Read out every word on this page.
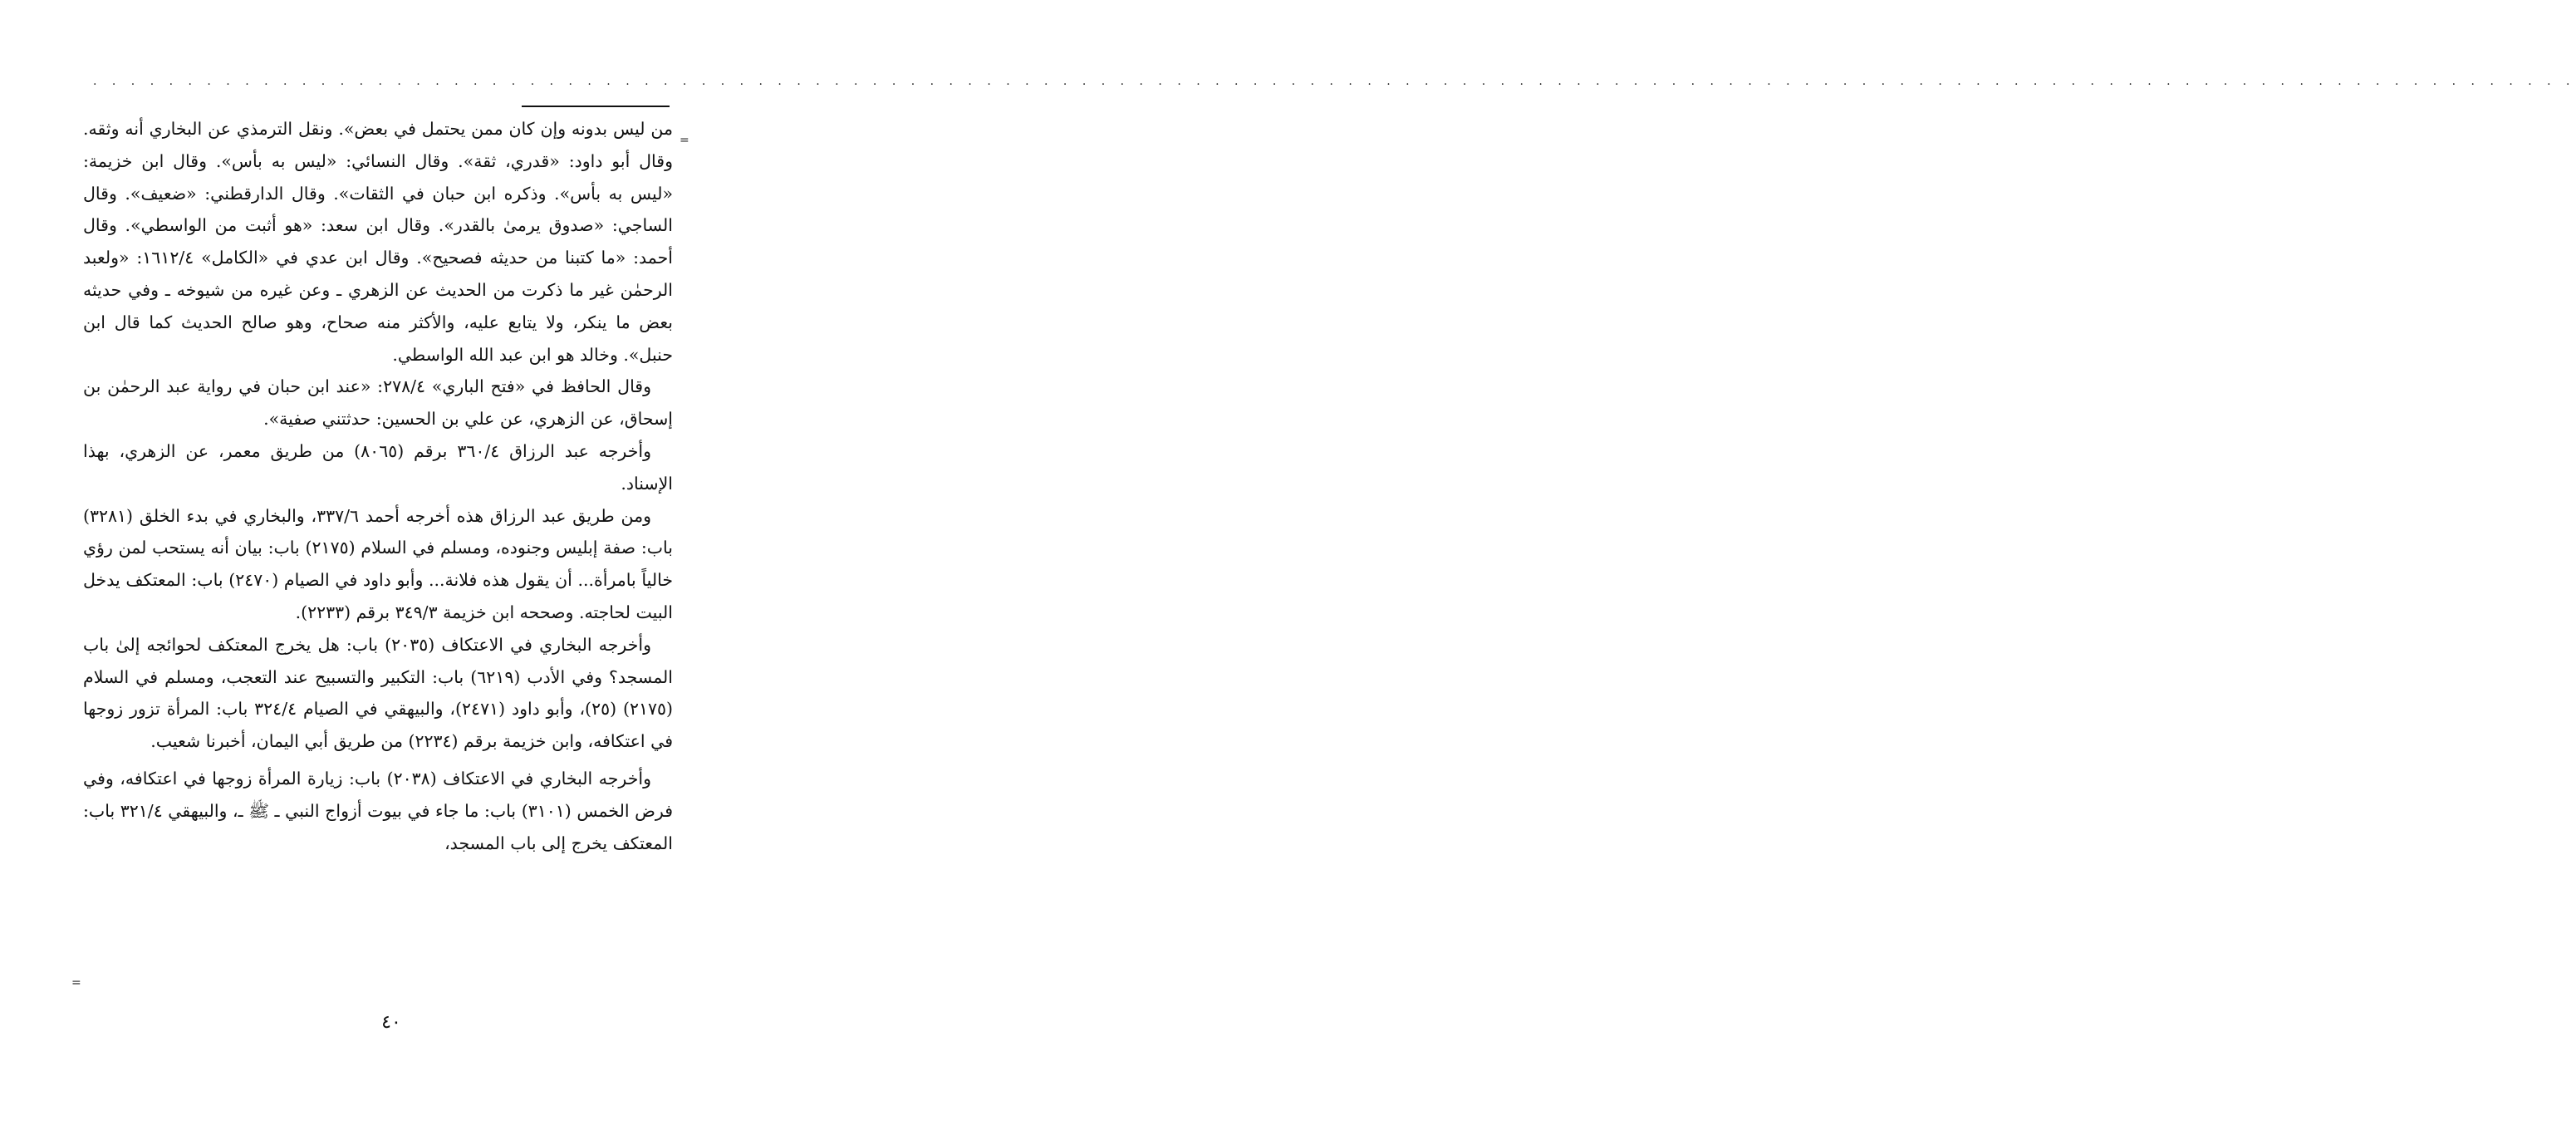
. . . . . . . . . . . . . . . . . . . . . . . . . . . . . . . . . . . . . . . . . . . . . . . . . . . . . . . . . . . . . . . . . . . . . . . . . . . . . . . . . . . . . . . . . . . . . . . . . . . . . . . . . . . . . . . . . . . . . . . . . . . . . . . . . . .
=

من ليس بدونه وإن كان ممن يحتمل في بعض». ونقل الترمذي عن البخاري أنه وثقه. وقال أبو داود: «قدري، ثقة». وقال النسائي: «ليس به بأس». وقال ابن خزيمة: «ليس به بأس». وذكره ابن حبان في الثقات». وقال الدارقطني: «ضعيف». وقال الساجي: «صدوق يرمىٰ بالقدر». وقال ابن سعد: «هو أثبت من الواسطي». وقال أحمد: «ما كتبنا من حديثه فصحيح». وقال ابن عدي في «الكامل» ١٦١٢/٤: «ولعبد الرحمٰن غير ما ذكرت من الحديث عن الزهري ـ وعن غيره من شيوخه ـ وفي حديثه بعض ما ينكر، ولا يتابع عليه، والأكثر منه صحاح، وهو صالح الحديث كما قال ابن حنبل». وخالد هو ابن عبد الله الواسطي.

وقال الحافظ في «فتح الباري» ٢٧٨/٤: «عند ابن حبان في رواية عبد الرحمٰن بن إسحاق، عن الزهري، عن علي بن الحسين: حدثتني صفية».

وأخرجه عبد الرزاق ٣٦٠/٤ برقم (٨٠٦٥) من طريق معمر، عن الزهري، بهذا الإسناد.

ومن طريق عبد الرزاق هذه أخرجه أحمد ٣٣٧/٦، والبخاري في بدء الخلق (٣٢٨١) باب: صفة إبليس وجنوده، ومسلم في السلام (٢١٧٥) باب: بيان أنه يستحب لمن رؤي خالياً بامرأة... أن يقول هذه فلانة... وأبو داود في الصيام (٢٤٧٠) باب: المعتكف يدخل البيت لحاجته. وصححه ابن خزيمة ٣٤٩/٣ برقم (٢٢٣٣).

وأخرجه البخاري في الاعتكاف (٢٠٣٥) باب: هل يخرج المعتكف لحوائجه إلىٰ باب المسجد؟ وفي الأدب (٦٢١٩) باب: التكبير والتسبيح عند التعجب، ومسلم في السلام (٢١٧٥) (٢٥)، وأبو داود (٢٤٧١)، والبيهقي في الصيام ٣٢٤/٤ باب: المرأة تزور زوجها في اعتكافه، وابن خزيمة برقم (٢٢٣٤) من طريق أبي اليمان، أخبرنا شعيب.

وأخرجه البخاري في الاعتكاف (٢٠٣٨) باب: زيارة المرأة زوجها في اعتكافه، وفي فرض الخمس (٣١٠١) باب: ما جاء في بيوت أزواج النبي ـ ﷺ ـ، والبيهقي ٣٢١/٤ باب: المعتكف يخرج إلى باب المسجد،

=
٤٠
